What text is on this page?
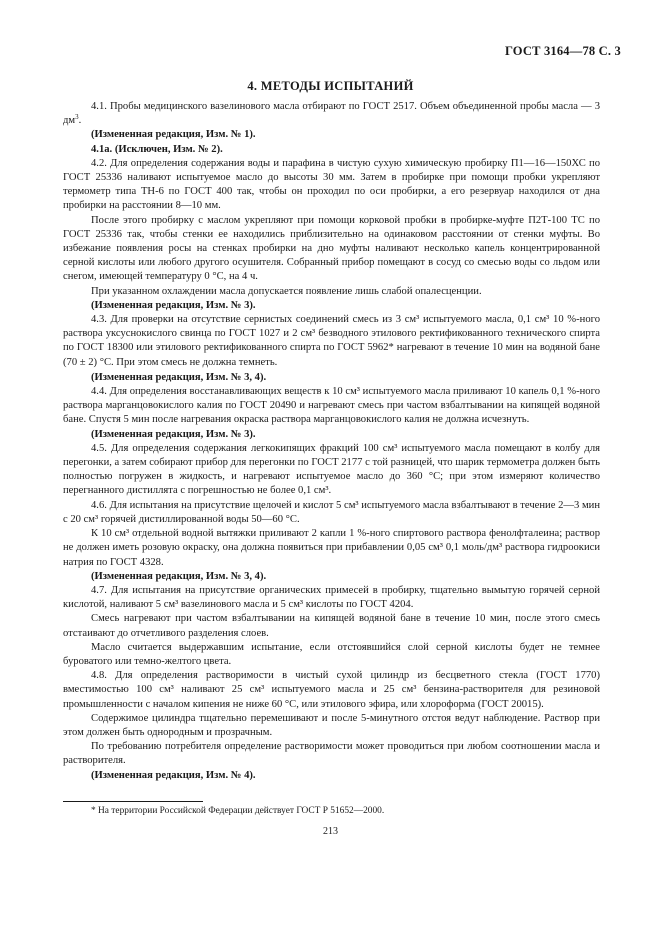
ГОСТ 3164—78 С. 3
4. МЕТОДЫ ИСПЫТАНИЙ

4.1. Пробы медицинского вазелинового масла отбирают по ГОСТ 2517. Объем объединенной пробы масла — 3 $дм^3$.

(Измененная редакция, Изм. № 1).

4.1а. (Исключен, Изм. № 2).

4.2. Для определения содержания воды и парафина в чистую сухую химическую пробирку П1—16—150ХС по ГОСТ 25336 наливают испытуемое масло до высоты 30 мм. Затем в пробирке при помощи пробки укрепляют термометр типа ТН-6 по ГОСТ 400 так, чтобы он проходил по оси пробирки, а его резервуар находился от дна пробирки на расстоянии 8—10 мм.

После этого пробирку с маслом укрепляют при помощи корковой пробки в пробирке-муфте П2Т-100 ТС по ГОСТ 25336 так, чтобы стенки ее находились приблизительно на одинаковом расстоянии от стенки муфты. Во избежание появления росы на стенках пробирки на дно муфты наливают несколько капель концентрированной серной кислоты или любого другого осушителя. Собранный прибор помещают в сосуд со смесью воды со льдом или снегом, имеющей температуру 0 °С, на 4 ч.

При указанном охлаждении масла допускается появление лишь слабой опалесценции.

(Измененная редакция, Изм. № 3).

4.3. Для проверки на отсутствие сернистых соединений смесь из 3 см³ испытуемого масла, 0,1 см³ 10 %-ного раствора уксуснокислого свинца по ГОСТ 1027 и 2 см³ безводного этилового ректификованного технического спирта по ГОСТ 18300 или этилового ректификованного спирта по ГОСТ 5962* нагревают в течение 10 мин на водяной бане (70 ± 2) °С. При этом смесь не должна темнеть.

(Измененная редакция, Изм. № 3, 4).

4.4. Для определения восстанавливающих веществ к 10 см³ испытуемого масла приливают 10 капель 0,1 %-ного раствора марганцовокислого калия по ГОСТ 20490 и нагревают смесь при частом взбалтывании на кипящей водяной бане. Спустя 5 мин после нагревания окраска раствора марганцовокислого калия не должна исчезнуть.

(Измененная редакция, Изм. № 3).

4.5. Для определения содержания легкокипящих фракций 100 см³ испытуемого масла помещают в колбу для перегонки, а затем собирают прибор для перегонки по ГОСТ 2177 с той разницей, что шарик термометра должен быть полностью погружен в жидкость, и нагревают испытуемое масло до 360 °С; при этом измеряют количество перегнанного дистиллята с погрешностью не более 0,1 см³.

4.6. Для испытания на присутствие щелочей и кислот 5 см³ испытуемого масла взбалтывают в течение 2—3 мин с 20 см³ горячей дистиллированной воды 50—60 °С.

К 10 см³ отдельной водной вытяжки приливают 2 капли 1 %-ного спиртового раствора фенолфталеина; раствор не должен иметь розовую окраску, она должна появиться при прибавлении 0,05 см³ 0,1 моль/дм³ раствора гидроокиси натрия по ГОСТ 4328.

(Измененная редакция, Изм. № 3, 4).

4.7. Для испытания на присутствие органических примесей в пробирку, тщательно вымытую горячей серной кислотой, наливают 5 см³ вазелинового масла и 5 см³ кислоты по ГОСТ 4204.

Смесь нагревают при частом взбалтывании на кипящей водяной бане в течение 10 мин, после этого смесь отстаивают до отчетливого разделения слоев.

Масло считается выдержавшим испытание, если отстоявшийся слой серной кислоты будет не темнее буроватого или темно-желтого цвета.

4.8. Для определения растворимости в чистый сухой цилиндр из бесцветного стекла (ГОСТ 1770) вместимостью 100 см³ наливают 25 см³ испытуемого масла и 25 см³ бензина-растворителя для резиновой промышленности с началом кипения не ниже 60 °С, или этилового эфира, или хлороформа (ГОСТ 20015).

Содержимое цилиндра тщательно перемешивают и после 5-минутного отстоя ведут наблюдение. Раствор при этом должен быть однородным и прозрачным.

По требованию потребителя определение растворимости может проводиться при любом соотношении масла и растворителя.

(Измененная редакция, Изм. № 4).

* На территории Российской Федерации действует ГОСТ Р 51652—2000.
213
